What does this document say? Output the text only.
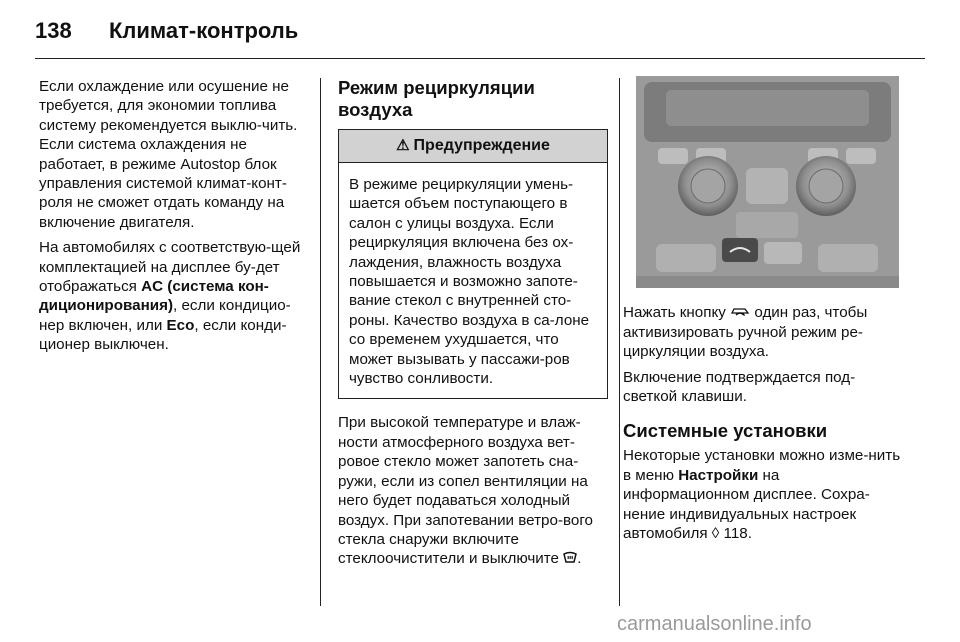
138 Климат-контроль

Если охлаждение или осушение не требуется, для экономии топлива систему рекомендуется выклю-чить. Если система охлаждения не работает, в режиме Autostop блок управления системой климат-конт-роля не сможет отдать команду на включение двигателя.

На автомобилях с соответствую-щей комплектацией на дисплее бу-дет отображаться AC (система кон-диционирования), если кондицио-нер включен, или Eco, если конди-ционер выключен.

Режим рециркуляции воздуха
⚠ Предупреждение
В режиме рециркуляции умень-шается объем поступающего в салон с улицы воздуха. Если рециркуляция включена без ох-лаждения, влажность воздуха повышается и возможно запоте-вание стекол с внутренней сто-роны. Качество воздуха в са-лоне со временем ухудшается, что может вызывать у пассажи-ров чувство сонливости.

При высокой температуре и влаж-ности атмосферного воздуха вет-ровое стекло может запотеть сна-ружи, если из сопел вентиляции на него будет подаваться холодный воздух. При запотевании ветро-вого стекла снаружи включите стеклоочистители и выключите .

Нажать кнопку  один раз, чтобы активизировать ручной режим ре-циркуляции воздуха.

Включение подтверждается под-светкой клавиши.

Системные установки

Некоторые установки можно изме-нить в меню Настройки на информационном дисплее. Сохра-нение индивидуальных настроек автомобиля ◊ 118.

carmanualsonline.info
